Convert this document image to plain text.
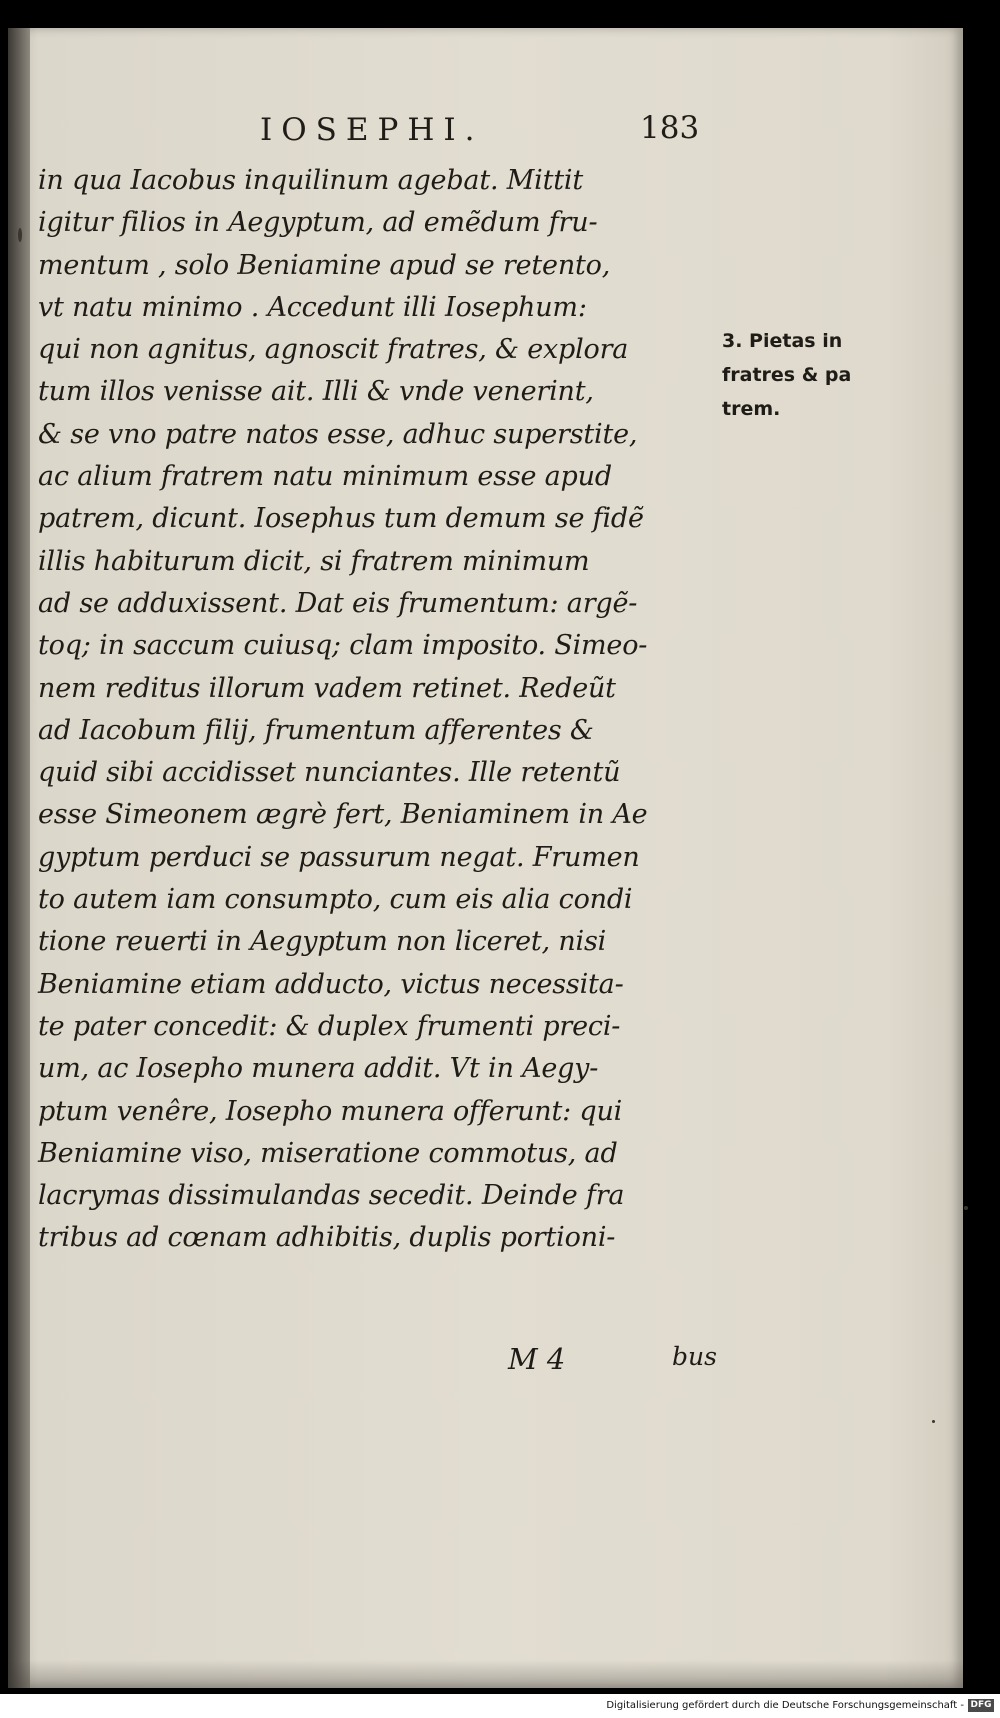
IOSEPHI.	183
in qua Iacobus inquilinum agebat. Mittit
igitur filios in Aegyptum, ad emẽdum fru-
mentum , solo Beniamine apud se retento,
vt natu minimo . Accedunt illi Iosephum:
qui non agnitus, agnoscit fratres, & explora
tum illos venisse ait. Illi & vnde venerint,
& se vno patre natos esse, adhuc superstite,
ac alium fratrem natu minimum esse apud
patrem, dicunt. Iosephus tum demum se fidẽ
illis habiturum dicit, si fratrem minimum
ad se adduxissent. Dat eis frumentum: argẽ-
toq; in saccum cuiusq; clam imposito. Simeo-
nem reditus illorum vadem retinet. Redeũt
ad Iacobum filij, frumentum afferentes &
quid sibi accidisset nunciantes. Ille retentũ
esse Simeonem ægrè fert, Beniaminem in Ae
gyptum perduci se passurum negat. Frumen
to autem iam consumpto, cum eis alia condi
tione reuerti in Aegyptum non liceret, nisi
Beniamine etiam adducto, victus necessita-
te pater concedit: & duplex frumenti preci-
um, ac Iosepho munera addit. Vt in Aegy-
ptum venêre, Iosepho munera offerunt: qui
Beniamine viso, miseratione commotus, ad
lacrymas dissimulandas secedit. Deinde fra
tribus ad cœnam adhibitis, duplis portioni-
3. Pietas in
fratres & pa
trem.
M 4	bus
Digitalisierung gefördert durch die Deutsche Forschungsgemeinschaft - DFG
